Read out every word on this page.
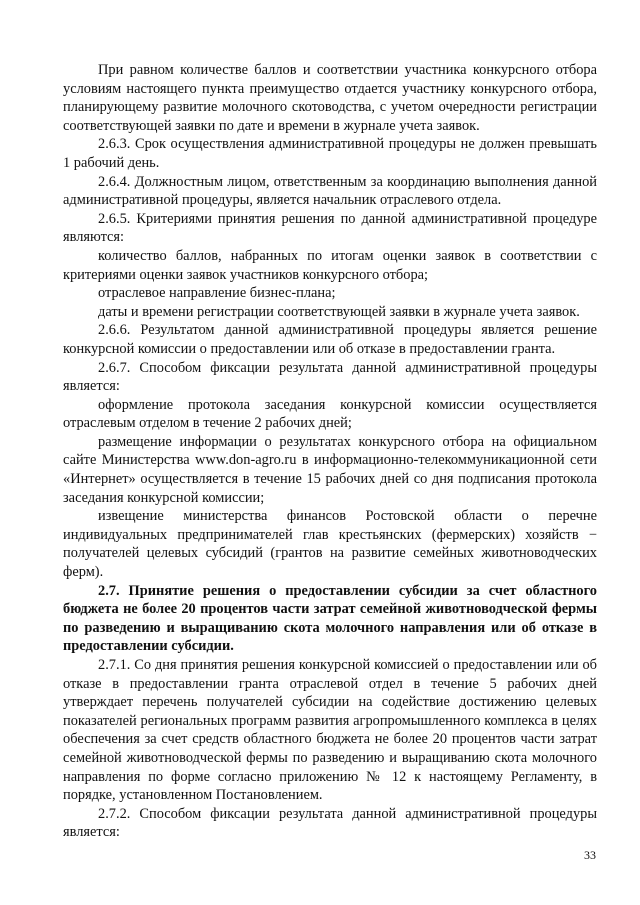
При равном количестве баллов и соответствии участника конкурсного отбора условиям настоящего пункта преимущество отдается участнику конкурсного отбора, планирующему развитие молочного скотоводства, с учетом очередности регистрации соответствующей заявки по дате и времени в журнале учета заявок.

2.6.3. Срок осуществления административной процедуры не должен превышать 1 рабочий день.

2.6.4. Должностным лицом, ответственным за координацию выполнения данной административной процедуры, является начальник отраслевого отдела.

2.6.5. Критериями принятия решения по данной административной процедуре являются:

количество баллов, набранных по итогам оценки заявок в соответствии с критериями оценки заявок участников конкурсного отбора;

отраслевое направление бизнес-плана;

даты и времени регистрации соответствующей заявки в журнале учета заявок.

2.6.6. Результатом данной административной процедуры является решение конкурсной комиссии о предоставлении или об отказе в предоставлении гранта.

2.6.7. Способом фиксации результата данной административной процедуры является:

оформление протокола заседания конкурсной комиссии осуществляется отраслевым отделом в течение 2 рабочих дней;

размещение информации о результатах конкурсного отбора на официальном сайте Министерства www.don-agro.ru в информационно-телекоммуникационной сети «Интернет» осуществляется в течение 15 рабочих дней со дня подписания протокола заседания конкурсной комиссии;

извещение министерства финансов Ростовской области о перечне индивидуальных предпринимателей глав крестьянских (фермерских) хозяйств − получателей целевых субсидий (грантов на развитие семейных животноводческих ферм).

2.7. Принятие решения о предоставлении субсидии за счет областного бюджета не более 20 процентов части затрат семейной животноводческой фермы по разведению и выращиванию скота молочного направления или об отказе в предоставлении субсидии.

2.7.1. Со дня принятия решения конкурсной комиссией о предоставлении или об отказе в предоставлении гранта отраслевой отдел в течение 5 рабочих дней утверждает перечень получателей субсидии на содействие достижению целевых показателей региональных программ развития агропромышленного комплекса в целях обеспечения за счет средств областного бюджета не более 20 процентов части затрат семейной животноводческой фермы по разведению и выращиванию скота молочного направления по форме согласно приложению № 12 к настоящему Регламенту, в порядке, установленном Постановлением.

2.7.2. Способом фиксации результата данной административной процедуры является:

33
